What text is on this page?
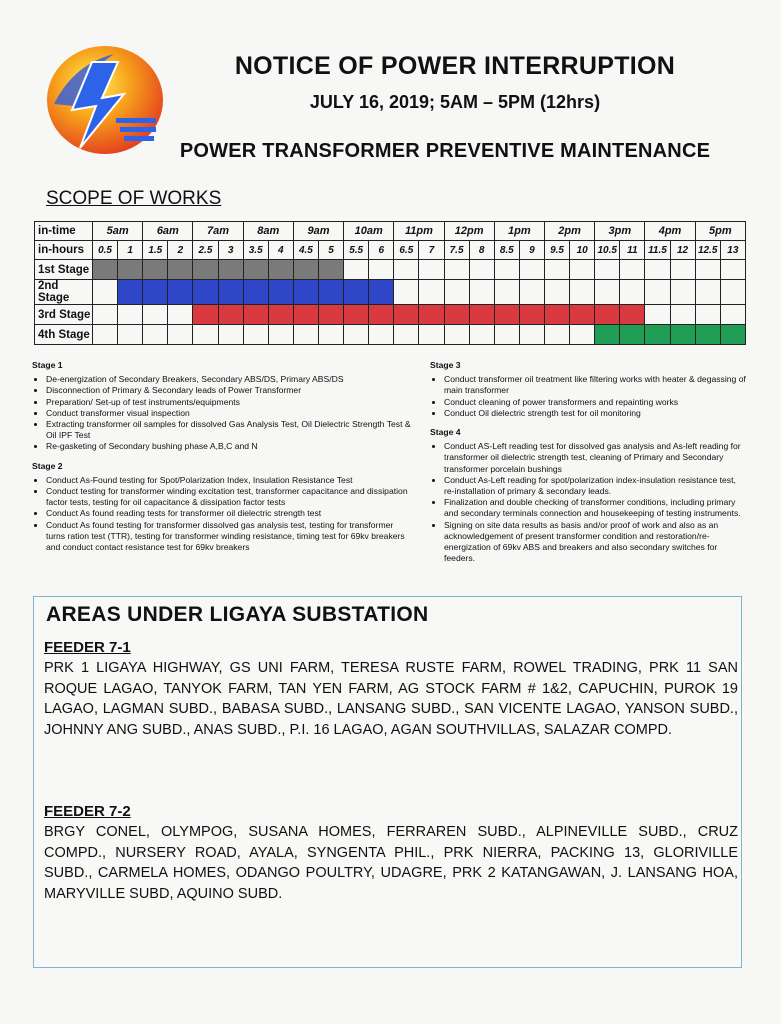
NOTICE OF POWER INTERRUPTION
JULY 16, 2019; 5AM – 5PM (12hrs)
POWER TRANSFORMER PREVENTIVE MAINTENANCE
SCOPE OF WORKS
in-time	5am		6am		7am		8am		9am		10am		11pm		12pm		1pm		2pm		3pm		4pm		5pm	
in-hours	0.5	1	1.5	2	2.5	3	3.5	4	4.5	5	5.5	6	6.5	7	7.5	8	8.5	9	9.5	10	10.5	11	11.5	12	12.5	13
1st Stage																										
2nd Stage																										
3rd Stage																										
4th Stage																										
Stage 1
• De-energization of Secondary Breakers, Secondary ABS/DS, Primary ABS/DS
• Disconnection of Primary & Secondary leads of Power Transformer
• Preparation/ Set-up of test instruments/equipments
• Conduct transformer visual inspection
• Extracting transformer oil samples for dissolved Gas Analysis Test, Oil Dielectric Strength Test & Oil IPF Test
• Re-gasketing of Secondary bushing phase A,B,C and N
Stage 2
• Conduct As-Found testing for Spot/Polarization Index, Insulation Resistance Test
• Conduct testing for transformer winding excitation test, transformer capacitance and dissipation factor tests, testing for oil capacitance & dissipation factor tests
• Conduct As found reading tests for transformer oil dielectric strength test
• Conduct As found testing for transformer dissolved gas analysis test, testing for transformer turns ration test (TTR), testing for transformer winding resistance, timing test for 69kv breakers and conduct contact resistance test for 69kv breakers
Stage 3
• Conduct transformer oil treatment like filtering works with heater & degassing of main transformer
• Conduct cleaning of power transformers and repainting works
• Conduct Oil dielectric strength test for oil monitoring
Stage 4
• Conduct AS-Left reading test for dissolved gas analysis and As-left reading for transformer oil dielectric strength test, cleaning of Primary and Secondary transformer porcelain bushings
• Conduct As-Left reading for spot/polarization index-insulation resistance test, re-installation of primary & secondary leads.
• Finalization and double checking of transformer conditions, including primary and secondary terminals connection and housekeeping of testing instruments.
• Signing on site data results as basis and/or proof of work and also as an acknowledgement of present transformer condition and restoration/re-energization of 69kv ABS and breakers and also secondary switches for feeders.
AREAS UNDER LIGAYA SUBSTATION
FEEDER 7-1
PRK 1 LIGAYA HIGHWAY, GS UNI FARM, TERESA RUSTE FARM, ROWEL TRADING, PRK 11 SAN ROQUE LAGAO, TANYOK FARM, TAN YEN FARM, AG STOCK FARM # 1&2, CAPUCHIN, PUROK 19 LAGAO, LAGMAN SUBD., BABASA SUBD., LANSANG SUBD., SAN VICENTE LAGAO, YANSON SUBD., JOHNNY ANG SUBD., ANAS SUBD., P.I. 16 LAGAO, AGAN SOUTHVILLAS, SALAZAR COMPD.
FEEDER 7-2
BRGY CONEL, OLYMPOG, SUSANA HOMES, FERRAREN SUBD., ALPINEVILLE SUBD., CRUZ COMPD., NURSERY ROAD, AYALA, SYNGENTA PHIL., PRK NIERRA, PACKING 13, GLORIVILLE SUBD., CARMELA HOMES, ODANGO POULTRY, UDAGRE, PRK 2 KATANGAWAN, J. LANSANG HOA, MARYVILLE SUBD, AQUINO SUBD.
